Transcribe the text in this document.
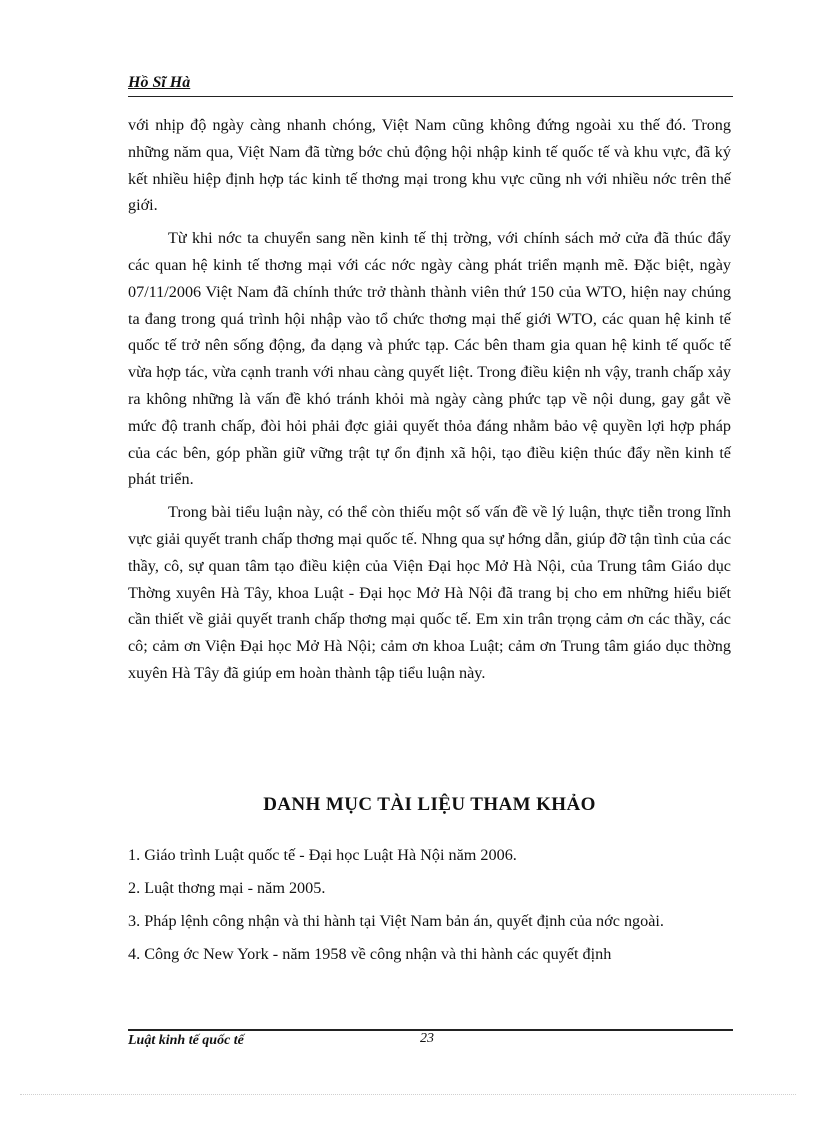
Hồ Sĩ Hà

với nhịp độ ngày càng nhanh chóng, Việt Nam cũng không đứng ngoài xu thế đó. Trong những năm qua, Việt Nam đã từng bớc chủ động hội nhập kinh tế quốc tế và khu vực, đã ký kết nhiều hiệp định hợp tác kinh tế thơng mại trong khu vực cũng nh với nhiều nớc trên thế giới.

Từ khi nớc ta chuyển sang nền kinh tế thị trờng, với chính sách mở cửa đã thúc đẩy các quan hệ kinh tế thơng mại với các nớc ngày càng phát triển mạnh mẽ. Đặc biệt, ngày 07/11/2006 Việt Nam đã chính thức trở thành thành viên thứ 150 của WTO, hiện nay chúng ta đang trong quá trình hội nhập vào tổ chức thơng mại thế giới WTO, các quan hệ kinh tế quốc tế trở nên sống động, đa dạng và phức tạp. Các bên tham gia quan hệ kinh tế quốc tế vừa hợp tác, vừa cạnh tranh với nhau càng quyết liệt. Trong điều kiện nh vậy, tranh chấp xảy ra không những là vấn đề khó tránh khỏi mà ngày càng phức tạp về nội dung, gay gắt về mức độ tranh chấp, đòi hỏi phải đợc giải quyết thỏa đáng nhằm bảo vệ quyền lợi hợp pháp của các bên, góp phần giữ vững trật tự ổn định xã hội, tạo điều kiện thúc đẩy nền kinh tế phát triển.

Trong bài tiểu luận này, có thể còn thiếu một số vấn đề về lý luận, thực tiễn trong lĩnh vực giải quyết tranh chấp thơng mại quốc tế. Nhng qua sự hớng dẫn, giúp đỡ tận tình của các thầy, cô, sự quan tâm tạo điều kiện của Viện Đại học Mở Hà Nội, của Trung tâm Giáo dục Thờng xuyên Hà Tây, khoa Luật - Đại học Mở Hà Nội đã trang bị cho em những hiểu biết cần thiết về giải quyết tranh chấp thơng mại quốc tế. Em xin trân trọng cảm ơn các thầy, các cô; cảm ơn Viện Đại học Mở Hà Nội; cảm ơn khoa Luật; cảm ơn Trung tâm giáo dục thờng xuyên Hà Tây đã giúp em hoàn thành tập tiểu luận này.

DANH MỤC TÀI LIỆU THAM KHẢO
1. Giáo trình Luật quốc tế - Đại học Luật Hà Nội năm 2006.
2. Luật thơng mại - năm 2005.
3. Pháp lệnh công nhận và thi hành tại Việt Nam bản án, quyết định của nớc ngoài.
4. Công ớc New York - năm 1958 về công nhận và thi hành các quyết định
Luật kinh tế quốc tế	23
